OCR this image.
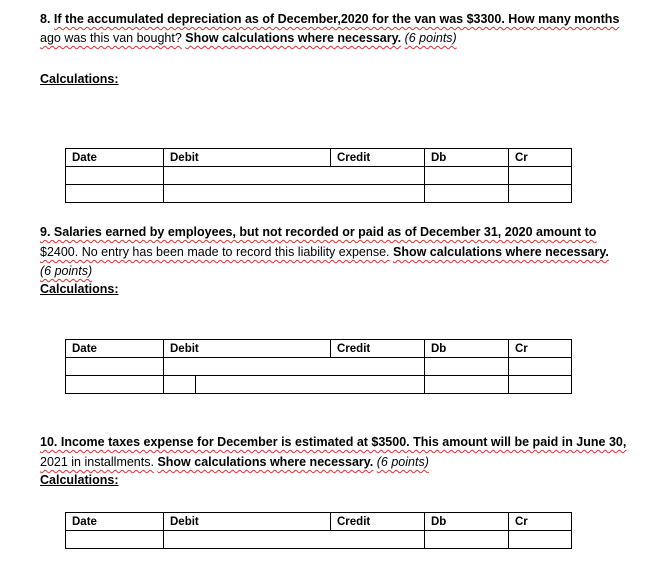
8. If the accumulated depreciation as of December,2020 for the van was $3300. How many months
ago was this van bought? Show calculations where necessary. (6 points)
Calculations:
Date	Debit	Credit	Db	Cr

9. Salaries earned by employees, but not recorded or paid as of December 31, 2020 amount to
$2400. No entry has been made to record this liability expense. Show calculations where necessary.
(6 points)
Calculations:
Date	Debit		Credit	Db	Cr

10. Income taxes expense for December is estimated at $3500. This amount will be paid in June 30,
2021 in installments. Show calculations where necessary. (6 points)
Calculations:
Date	Debit	Credit	Db	Cr
